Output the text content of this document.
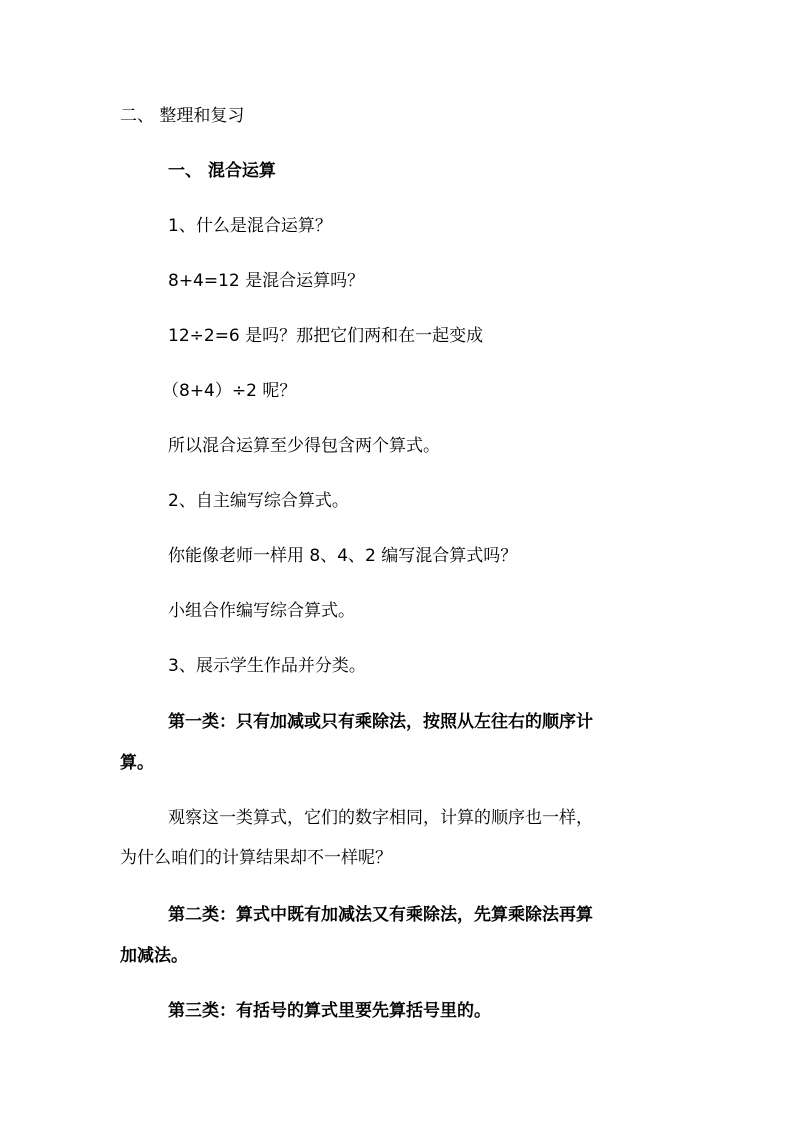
二、 整理和复习
一、 混合运算
1、什么是混合运算？
8+4=12 是混合运算吗？
12÷2=6 是吗？那把它们两和在一起变成
（8+4）÷2 呢？
所以混合运算至少得包含两个算式。
2、自主编写综合算式。
你能像老师一样用 8、4、2 编写混合算式吗？
小组合作编写综合算式。
3、展示学生作品并分类。
第一类：只有加减或只有乘除法，按照从左往右的顺序计
算。
观察这一类算式，它们的数字相同，计算的顺序也一样，
为什么咱们的计算结果却不一样呢？
第二类：算式中既有加减法又有乘除法，先算乘除法再算
加减法。
第三类：有括号的算式里要先算括号里的。
